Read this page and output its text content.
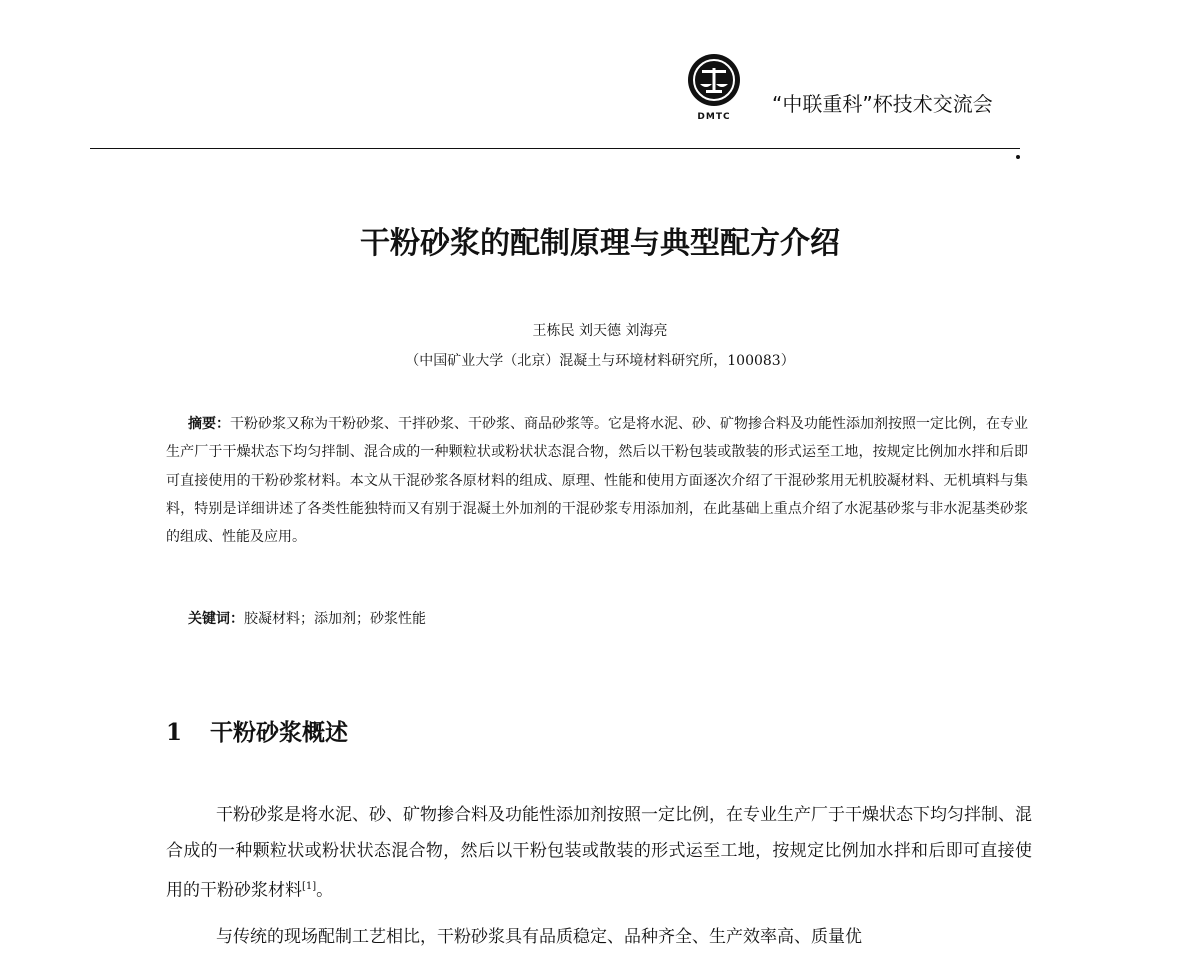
DMTC
“中联重科”杯技术交流会
干粉砂浆的配制原理与典型配方介绍
王栋民 刘天德 刘海亮
（中国矿业大学（北京）混凝土与环境材料研究所，100083）

摘要：干粉砂浆又称为干粉砂浆、干拌砂浆、干砂浆、商品砂浆等。它是将水泥、砂、矿物掺合料及功能性添加剂按照一定比例，在专业生产厂于干燥状态下均匀拌制、混合成的一种颗粒状或粉状状态混合物，然后以干粉包装或散装的形式运至工地，按规定比例加水拌和后即可直接使用的干粉砂浆材料。本文从干混砂浆各原材料的组成、原理、性能和使用方面逐次介绍了干混砂浆用无机胶凝材料、无机填料与集料，特别是详细讲述了各类性能独特而又有别于混凝土外加剂的干混砂浆专用添加剂，在此基础上重点介绍了水泥基砂浆与非水泥基类砂浆的组成、性能及应用。

关键词：胶凝材料；添加剂；砂浆性能
1 干粉砂浆概述

干粉砂浆是将水泥、砂、矿物掺合料及功能性添加剂按照一定比例，在专业生产厂于干燥状态下均匀拌制、混合成的一种颗粒状或粉状状态混合物，然后以干粉包装或散装的形式运至工地，按规定比例加水拌和后即可直接使用的干粉砂浆材料[1]。

与传统的现场配制工艺相比，干粉砂浆具有品质稳定、品种齐全、生产效率高、质量优
